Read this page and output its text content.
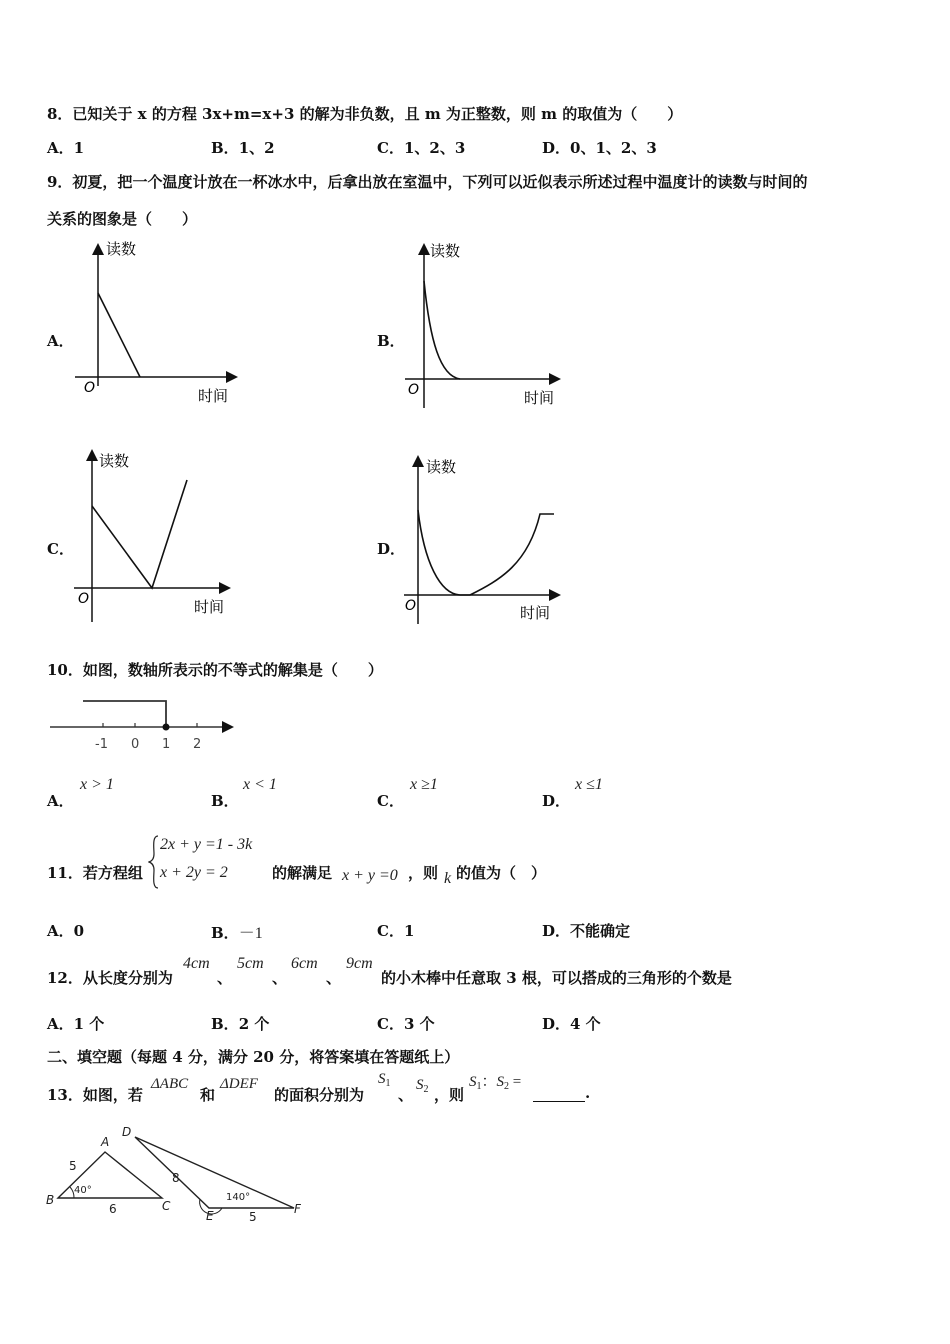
8．已知关于 x 的方程 3x+m=x+3 的解为非负数，且 m 为正整数，则 m 的取值为（　　）
A．1	B．1、2	C．1、2、3	D．0、1、2、3
9．初夏，把一个温度计放在一杯冰水中，后拿出放在室温中，下列可以近似表示所述过程中温度计的读数与时间的
关系的图象是（　　）
A．
读数
O	时间
B．
读数
O	时间
C．
读数
O	时间
D．
读数
O	时间
10．如图，数轴所表示的不等式的解集是（　　）
-1 0 1 2
A．
x > 1
B．
x < 1
C．
x ≥1
D．
x ≤1
11．若方程组
2x + y =1 - 3k
x + 2y = 2	的解满足 x + y =0 ，则 k 的值为（　）
A．0	B．－1	C．1	D．不能确定
12．从长度分别为
4cm
、
5cm
、
6cm
、
9cm
的小木棒中任意取 3 根，可以搭成的三角形的个数是
A．1 个	B．2 个	C．3 个	D．4 个
二、填空题（每题 4 分，满分 20 分，将答案填在答题纸上）
13．如图，若
ΔABC
和
ΔDEF
的面积分别为
$S_1$
、
$S_2$ ，则
$S_1$：$S_2$ =
.
A
B	C
5
6
40°
D
E	F
8
5
140°
